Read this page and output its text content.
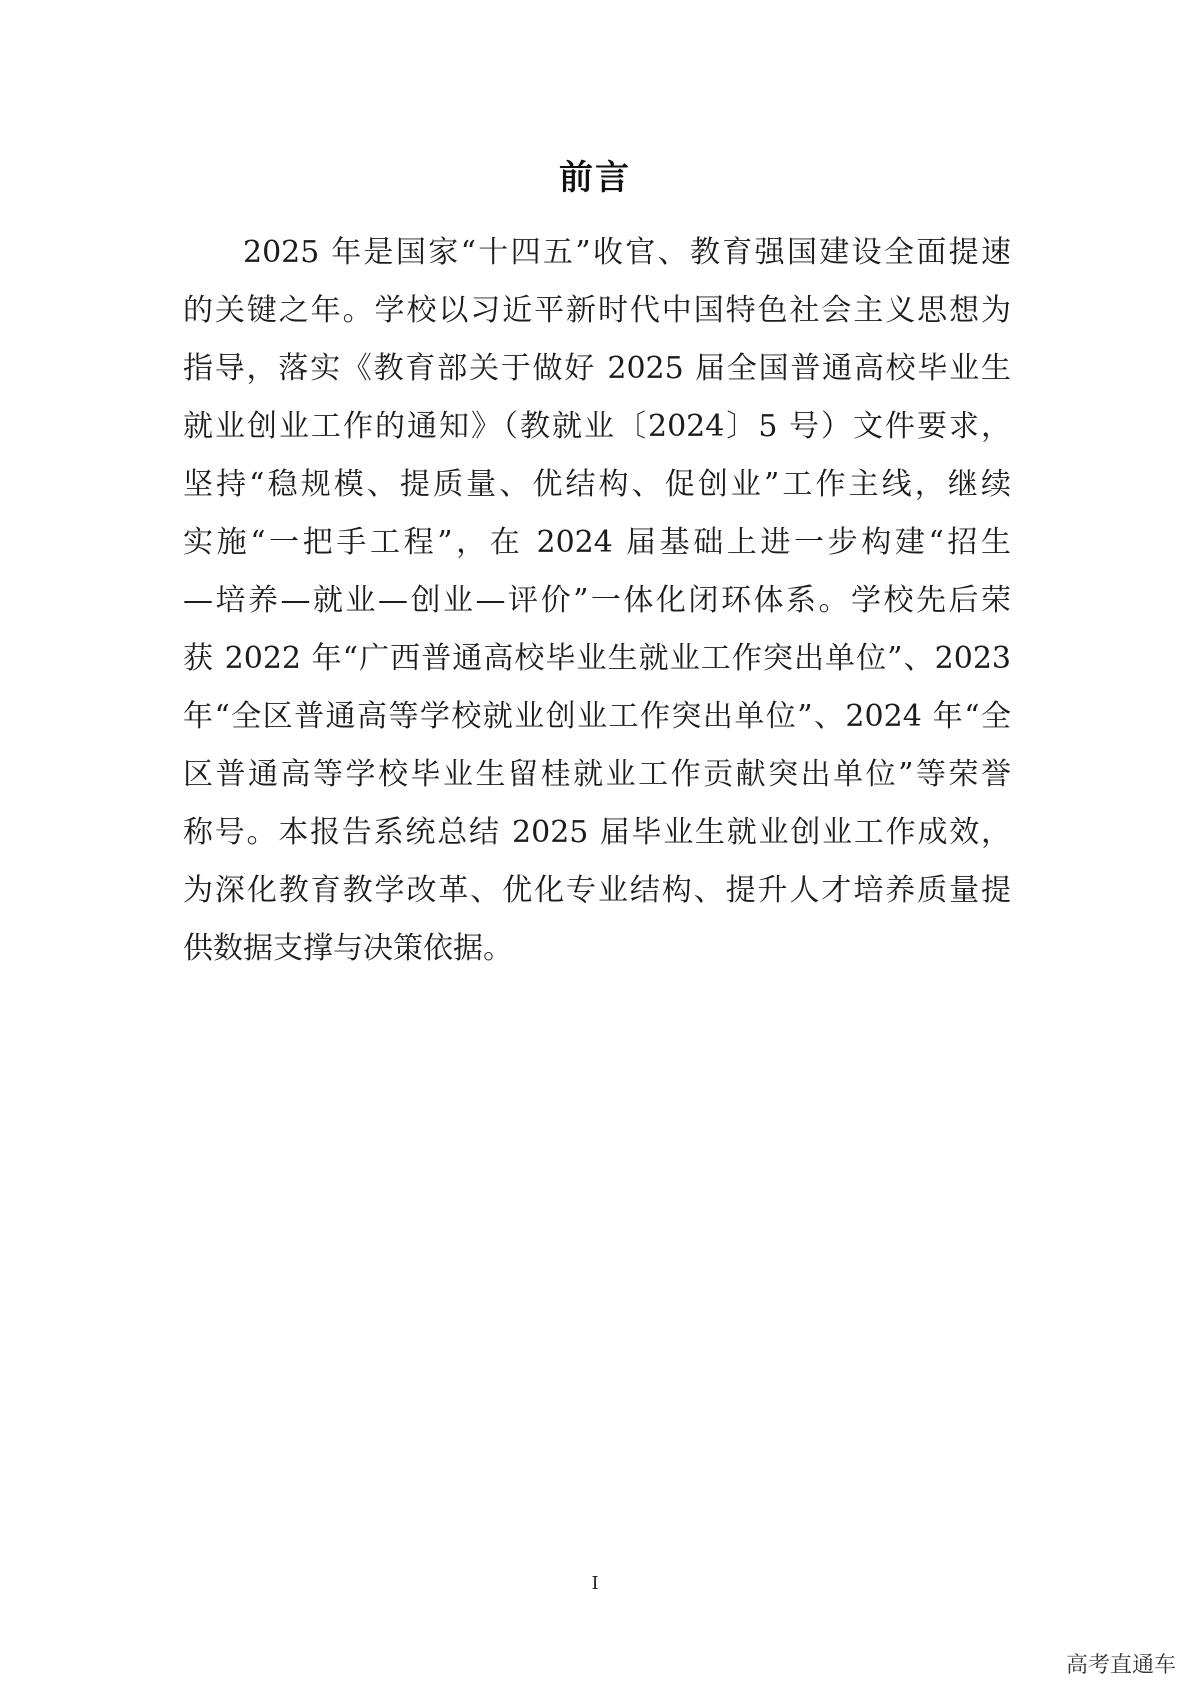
前言
2025 年是国家“十四五”收官、教育强国建设全面提速
的关键之年。学校以习近平新时代中国特色社会主义思想为
指导，落实《教育部关于做好 2025 届全国普通高校毕业生
就业创业工作的通知》（教就业〔2024〕5 号）文件要求，
坚持“稳规模、提质量、优结构、促创业”工作主线，继续
实施“一把手工程”，在 2024 届基础上进一步构建“招生
—培养—就业—创业—评价”一体化闭环体系。学校先后荣
获 2022 年“广西普通高校毕业生就业工作突出单位”、2023
年“全区普通高等学校就业创业工作突出单位”、2024 年“全
区普通高等学校毕业生留桂就业工作贡献突出单位”等荣誉
称号。本报告系统总结 2025 届毕业生就业创业工作成效，
为深化教育教学改革、优化专业结构、提升人才培养质量提
供数据支撑与决策依据。
I
高考直通车
